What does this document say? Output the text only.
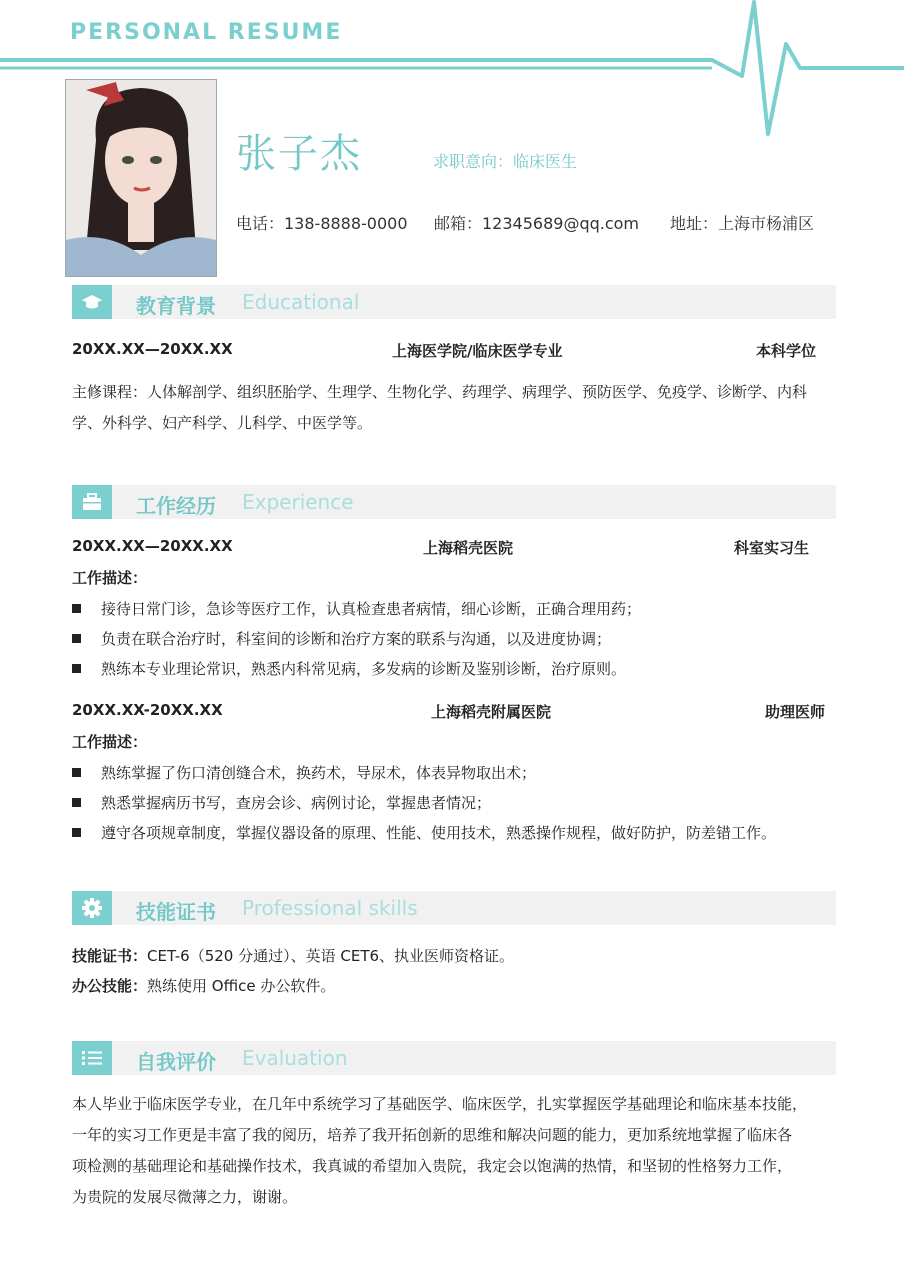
PERSONAL RESUME
张子杰	求职意向：临床医生
电话：138-8888-0000 邮箱：12345689@qq.com 地址：上海市杨浦区
教育背景 Educational
20XX.XX—20XX.XX	上海医学院/临床医学专业	本科学位
主修课程：人体解剖学、组织胚胎学、生理学、生物化学、药理学、病理学、预防医学、免疫学、诊断学、内科
学、外科学、妇产科学、儿科学、中医学等。
工作经历 Experience
20XX.XX—20XX.XX	上海稻壳医院	科室实习生
工作描述：
接待日常门诊，急诊等医疗工作，认真检查患者病情，细心诊断，正确合理用药；
负责在联合治疗时，科室间的诊断和治疗方案的联系与沟通，以及进度协调；
熟练本专业理论常识，熟悉内科常见病，多发病的诊断及鉴别诊断，治疗原则。
20XX.XX-20XX.XX	上海稻壳附属医院	助理医师
工作描述：
熟练掌握了伤口清创缝合术，换药术，导尿术，体表异物取出术；
熟悉掌握病历书写，查房会诊、病例讨论，掌握患者情况；
遵守各项规章制度，掌握仪器设备的原理、性能、使用技术，熟悉操作规程，做好防护，防差错工作。
技能证书 Professional skills
技能证书：CET-6（520 分通过）、英语 CET6、执业医师资格证。
办公技能：熟练使用 Office 办公软件。
自我评价 Evaluation
本人毕业于临床医学专业，在几年中系统学习了基础医学、临床医学，扎实掌握医学基础理论和临床基本技能，
一年的实习工作更是丰富了我的阅历，培养了我开拓创新的思维和解决问题的能力，更加系统地掌握了临床各
项检测的基础理论和基础操作技术，我真诚的希望加入贵院，我定会以饱满的热情，和坚韧的性格努力工作，
为贵院的发展尽微薄之力，谢谢。
